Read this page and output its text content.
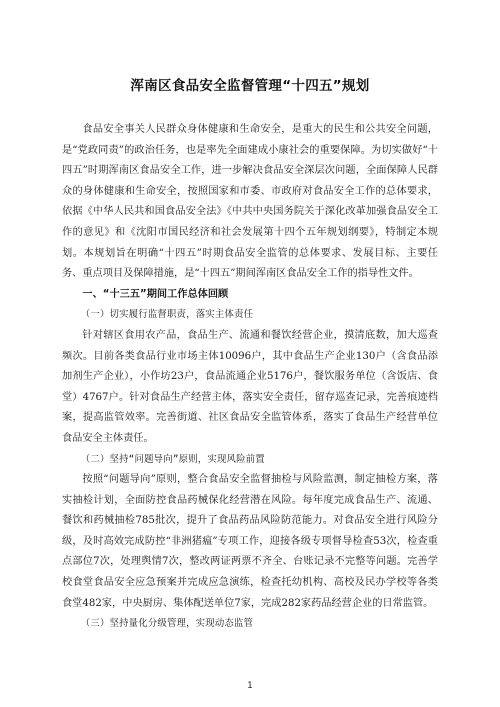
浑南区食品安全监督管理“十四五”规划

食品安全事关人民群众身体健康和生命安全，是重大的民生和公共安全问题，是“党政同责”的政治任务，也是率先全面建成小康社会的重要保障。为切实做好“十四五”时期浑南区食品安全工作，进一步解决食品安全深层次问题，全面保障人民群众的身体健康和生命安全，按照国家和市委、市政府对食品安全工作的总体要求，依据《中华人民共和国食品安全法》《中共中央国务院关于深化改革加强食品安全工作的意见》和《沈阳市国民经济和社会发展第十四个五年规划纲要》，特制定本规划。本规划旨在明确“十四五”时期食品安全监管的总体要求、发展目标、主要任务、重点项目及保障措施，是“十四五”期间浑南区食品安全工作的指导性文件。

一、“十三五”期间工作总体回顾

（一）切实履行监督职责，落实主体责任

针对辖区食用农产品，食品生产、流通和餐饮经营企业，摸清底数，加大巡查频次。目前各类食品行业市场主体10096户，其中食品生产企业130户（含食品添加剂生产企业），小作坊23户，食品流通企业5176户，餐饮服务单位（含饭店、食堂）4767户。针对食品生产经营主体，落实安全责任，留存巡查记录，完善痕迹档案，提高监管效率。完善街道、社区食品安全监管体系，落实了食品生产经营单位食品安全主体责任。

（二）坚持“问题导向”原则，实现风险前置

按照“问题导向”原则，整合食品安全监督抽检与风险监测，制定抽检方案，落实抽检计划，全面防控食品药械保化经营潜在风险。每年度完成食品生产、流通、餐饮和药械抽检785批次，提升了食品药品风险防范能力。对食品安全进行风险分级，及时高效完成防控“非洲猪瘟”专项工作，迎接各级专项督导检查53次，检查重点部位7次，处理舆情7次，整改两证两票不齐全、台账记录不完整等问题。完善学校食堂食品安全应急预案并完成应急演练，检查托幼机构、高校及民办学校等各类食堂482家，中央厨房、集体配送单位7家，完成282家药品经营企业的日常监管。

（三）坚持量化分级管理，实现动态监管

1
